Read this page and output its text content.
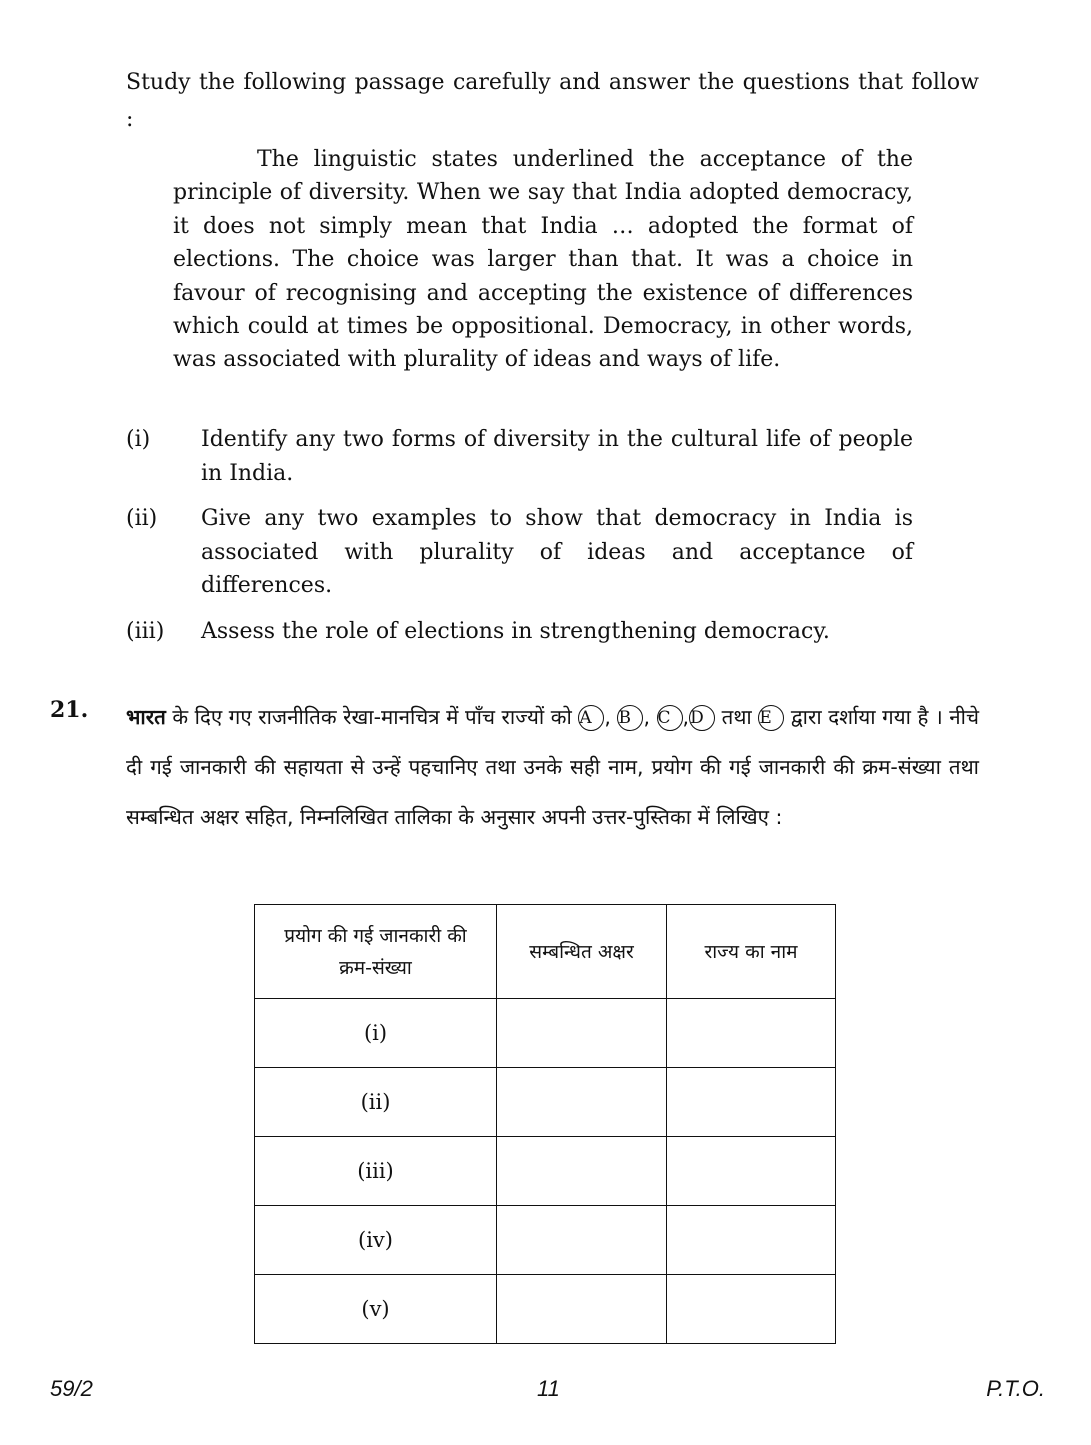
Study the following passage carefully and answer the questions that follow :
The linguistic states underlined the acceptance of the principle of diversity. When we say that India adopted democracy, it does not simply mean that India … adopted the format of elections. The choice was larger than that. It was a choice in favour of recognising and accepting the existence of differences which could at times be oppositional. Democracy, in other words, was associated with plurality of ideas and ways of life.
(i)	Identify any two forms of diversity in the cultural life of people in India.
(ii)	Give any two examples to show that democracy in India is associated with plurality of ideas and acceptance of differences.
(iii)	Assess the role of elections in strengthening democracy.
21. भारत के दिए गए राजनीतिक रेखा-मानचित्र में पाँच राज्यों को A , B , C ,D तथा E द्वारा दर्शाया गया है । नीचे दी गई जानकारी की सहायता से उन्हें पहचानिए तथा उनके सही नाम, प्रयोग की गई जानकारी की क्रम-संख्या तथा सम्बन्धित अक्षर सहित, निम्नलिखित तालिका के अनुसार अपनी उत्तर-पुस्तिका में लिखिए :
प्रयोग की गई जानकारी की क्रम-संख्या	सम्बन्धित अक्षर	राज्य का नाम
(i)		
(ii)		
(iii)		
(iv)		
(v)		
59/2	11	P.T.O.
